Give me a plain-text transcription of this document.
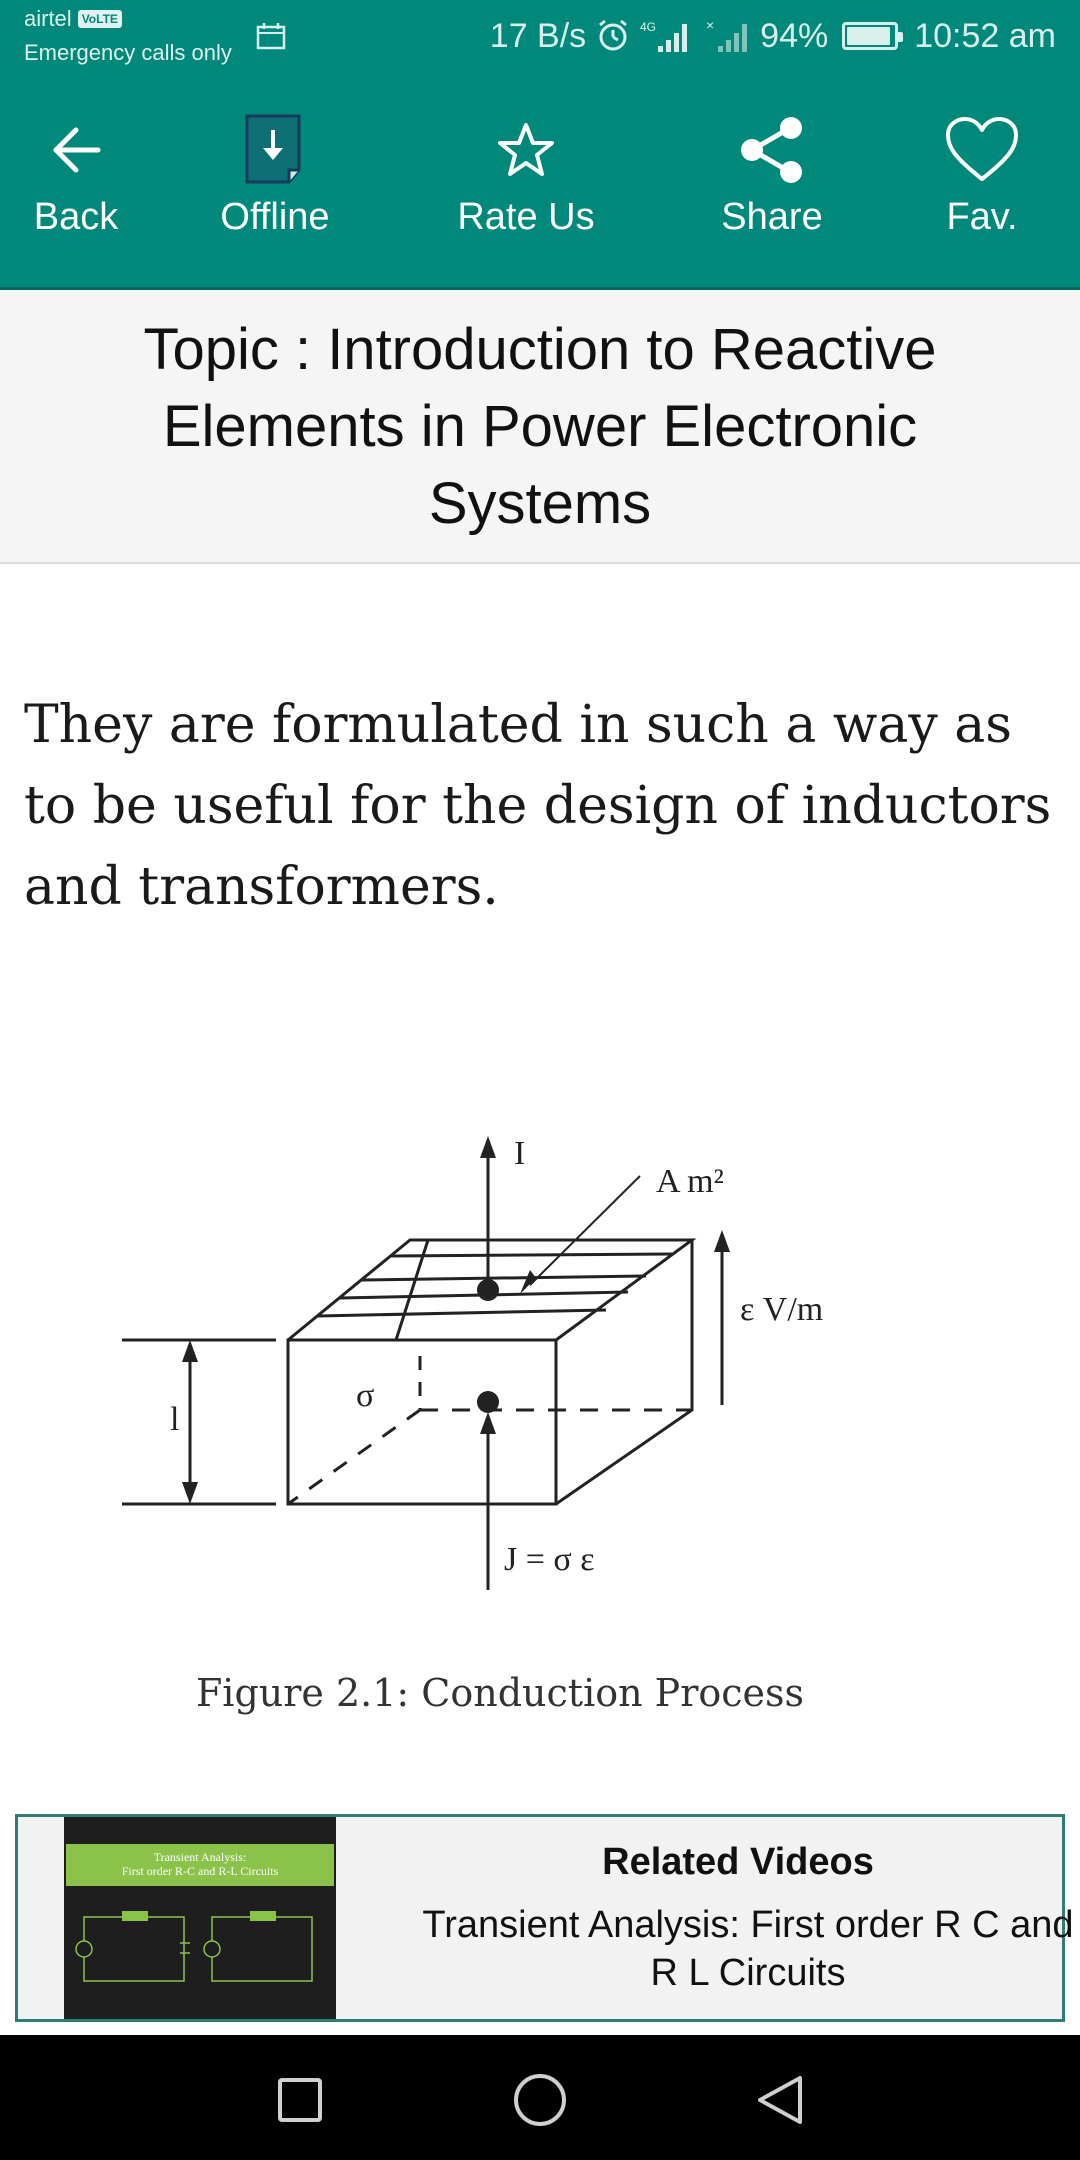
airtel VoLTE
Emergency calls only	17 B/s	4G	× 94%	10:52 am
Back	Offline	Rate Us	Share	Fav.
Topic : Introduction to Reactive Elements in Power Electronic Systems

They are formulated in such a way as to be useful for the design of inductors and transformers.

I
A m²
ε V/m
σ
l
J = σ ε
Figure 2.1: Conduction Process
Transient Analysis:
First order R-C and R-L Circuits	Related Videos
Transient Analysis: First order R C and R L Circuits
